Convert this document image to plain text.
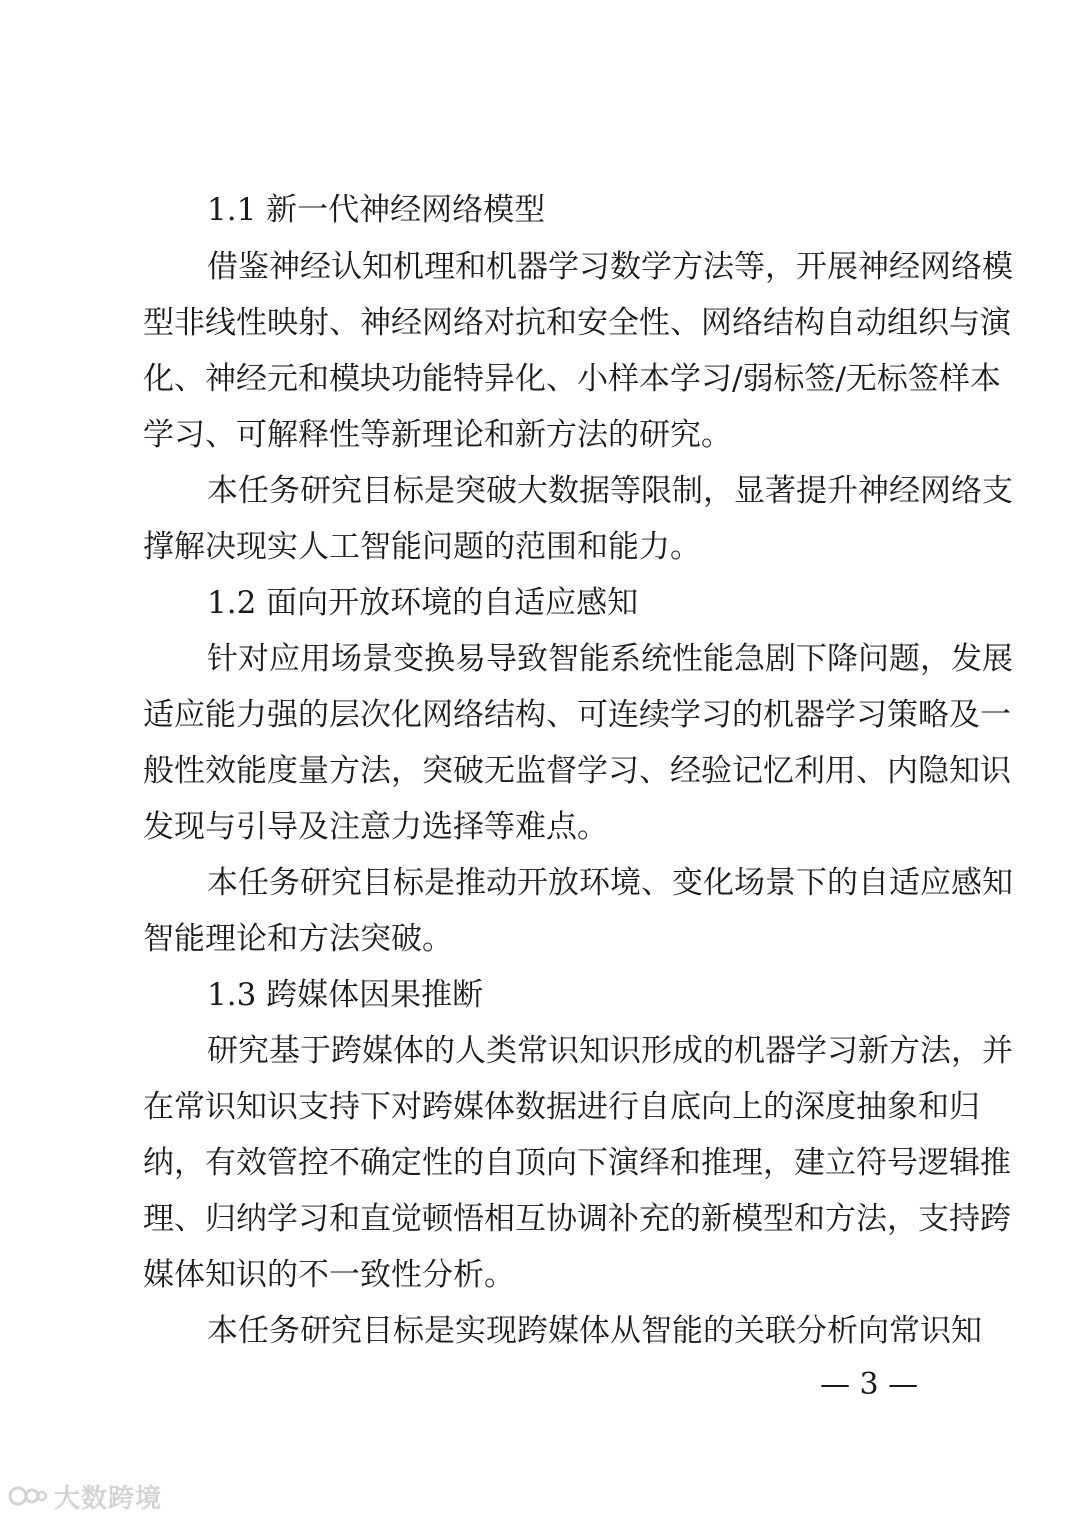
1.1 新一代神经网络模型
借鉴神经认知机理和机器学习数学方法等，开展神经网络模
型非线性映射、神经网络对抗和安全性、网络结构自动组织与演
化、神经元和模块功能特异化、小样本学习/弱标签/无标签样本
学习、可解释性等新理论和新方法的研究。
本任务研究目标是突破大数据等限制，显著提升神经网络支
撑解决现实人工智能问题的范围和能力。
1.2 面向开放环境的自适应感知
针对应用场景变换易导致智能系统性能急剧下降问题，发展
适应能力强的层次化网络结构、可连续学习的机器学习策略及一
般性效能度量方法，突破无监督学习、经验记忆利用、内隐知识
发现与引导及注意力选择等难点。
本任务研究目标是推动开放环境、变化场景下的自适应感知
智能理论和方法突破。
1.3 跨媒体因果推断
研究基于跨媒体的人类常识知识形成的机器学习新方法，并
在常识知识支持下对跨媒体数据进行自底向上的深度抽象和归
纳，有效管控不确定性的自顶向下演绎和推理，建立符号逻辑推
理、归纳学习和直觉顿悟相互协调补充的新模型和方法，支持跨
媒体知识的不一致性分析。
本任务研究目标是实现跨媒体从智能的关联分析向常识知
— 3 —
大数跨境
